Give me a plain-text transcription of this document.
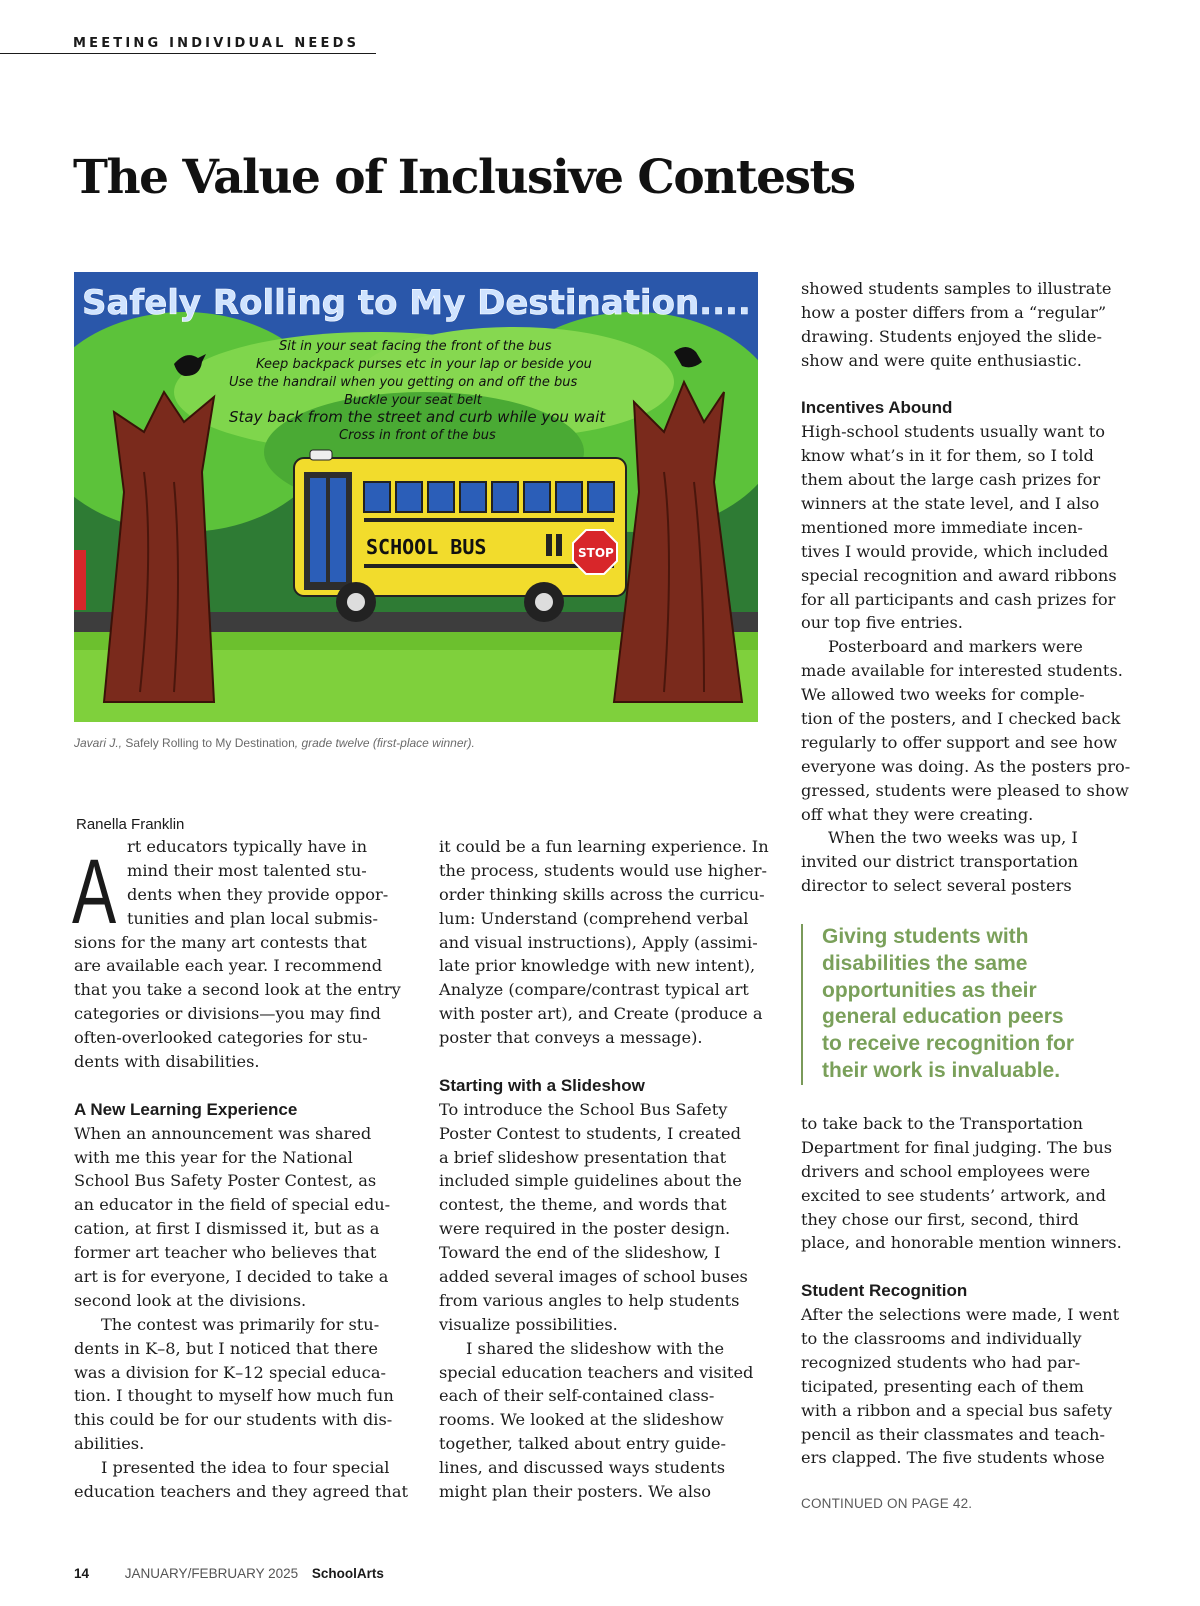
MEETING INDIVIDUAL NEEDS
The Value of Inclusive Contests
Safely Rolling to My Destination....
Sit in your seat facing the front of the bus
Keep backpack purses etc in your lap or beside you
Use the handrail when you getting on and off the bus
Buckle your seat belt
Stay back from the street and curb while you wait
Cross in front of the bus
SCHOOL BUS	STOP
Javari J., Safely Rolling to My Destination, grade twelve (first-place winner).
Ranella Franklin
A rt educators typically have in
mind their most talented stu-
dents when they provide oppor-
tunities and plan local submis-
sions for the many art contests that
are available each year. I recommend
that you take a second look at the entry
categories or divisions—you may find
often-overlooked categories for stu-
dents with disabilities.
A New Learning Experience
When an announcement was shared
with me this year for the National
School Bus Safety Poster Contest, as
an educator in the field of special edu-
cation, at first I dismissed it, but as a
former art teacher who believes that
art is for everyone, I decided to take a
second look at the divisions.
The contest was primarily for stu-
dents in K–8, but I noticed that there
was a division for K–12 special educa-
tion. I thought to myself how much fun
this could be for our students with dis-
abilities.
I presented the idea to four special
education teachers and they agreed that
it could be a fun learning experience. In
the process, students would use higher-
order thinking skills across the curricu-
lum: Understand (comprehend verbal
and visual instructions), Apply (assimi-
late prior knowledge with new intent),
Analyze (compare/contrast typical art
with poster art), and Create (produce a
poster that conveys a message).
Starting with a Slideshow
To introduce the School Bus Safety
Poster Contest to students, I created
a brief slideshow presentation that
included simple guidelines about the
contest, the theme, and words that
were required in the poster design.
Toward the end of the slideshow, I
added several images of school buses
from various angles to help students
visualize possibilities.
I shared the slideshow with the
special education teachers and visited
each of their self-contained class-
rooms. We looked at the slideshow
together, talked about entry guide-
lines, and discussed ways students
might plan their posters. We also
showed students samples to illustrate
how a poster differs from a “regular”
drawing. Students enjoyed the slide-
show and were quite enthusiastic.
Incentives Abound
High-school students usually want to
know what’s in it for them, so I told
them about the large cash prizes for
winners at the state level, and I also
mentioned more immediate incen-
tives I would provide, which included
special recognition and award ribbons
for all participants and cash prizes for
our top five entries.
Posterboard and markers were
made available for interested students.
We allowed two weeks for comple-
tion of the posters, and I checked back
regularly to offer support and see how
everyone was doing. As the posters pro-
gressed, students were pleased to show
off what they were creating.
When the two weeks was up, I
invited our district transportation
director to select several posters
Giving students with
disabilities the same
opportunities as their
general education peers
to receive recognition for
their work is invaluable.
to take back to the Transportation
Department for final judging. The bus
drivers and school employees were
excited to see students’ artwork, and
they chose our first, second, third
place, and honorable mention winners.
Student Recognition
After the selections were made, I went
to the classrooms and individually
recognized students who had par-
ticipated, presenting each of them
with a ribbon and a special bus safety
pencil as their classmates and teach-
ers clapped. The five students whose
CONTINUED ON PAGE 42.
14	JANUARY/FEBRUARY 2025 SchoolArts
